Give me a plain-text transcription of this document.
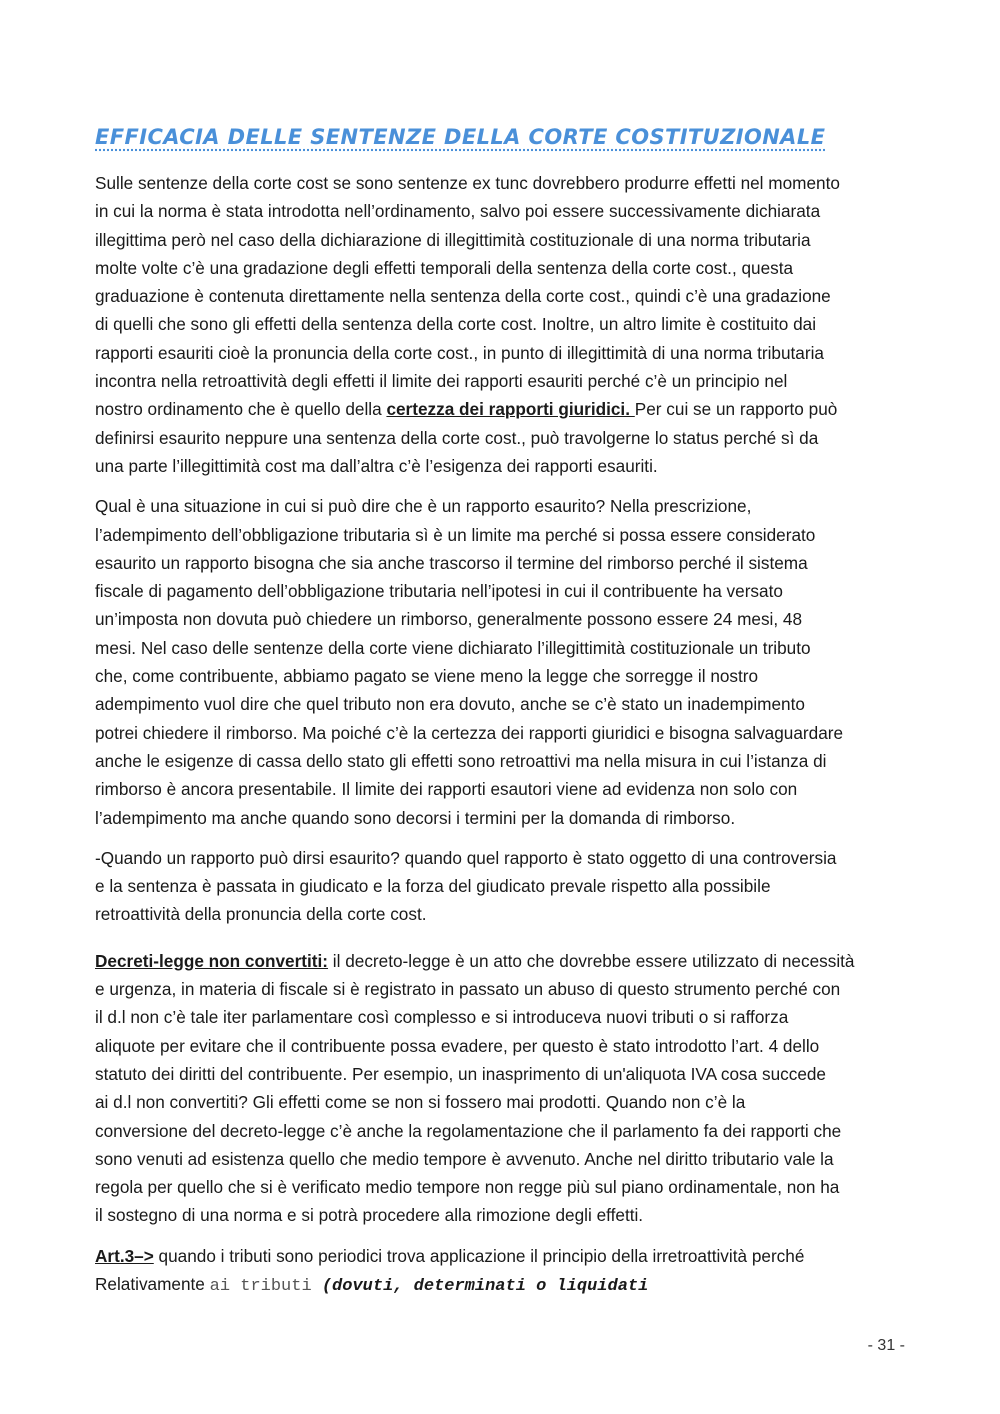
EFFICACIA DELLE SENTENZE DELLA CORTE COSTITUZIONALE

Sulle sentenze della corte cost se sono sentenze ex tunc dovrebbero produrre effetti nel momento
in cui la norma è stata introdotta nell’ordinamento, salvo poi essere successivamente dichiarata
illegittima però nel caso della dichiarazione di illegittimità costituzionale di una norma tributaria
molte volte c’è una gradazione degli effetti temporali della sentenza della corte cost., questa
graduazione è contenuta direttamente nella sentenza della corte cost., quindi c’è una gradazione
di quelli che sono gli effetti della sentenza della corte cost. Inoltre, un altro limite è costituito dai
rapporti esauriti cioè la pronuncia della corte cost., in punto di illegittimità di una norma tributaria
incontra nella retroattività degli effetti il limite dei rapporti esauriti perché c’è un principio nel
nostro ordinamento che è quello della certezza dei rapporti giuridici. Per cui se un rapporto può
definirsi esaurito neppure una sentenza della corte cost., può travolgerne lo status perché sì da
una parte l’illegittimità cost ma dall’altra c’è l’esigenza dei rapporti esauriti.

Qual è una situazione in cui si può dire che è un rapporto esaurito? Nella prescrizione,
l’adempimento dell’obbligazione tributaria sì è un limite ma perché si possa essere considerato
esaurito un rapporto bisogna che sia anche trascorso il termine del rimborso perché il sistema
fiscale di pagamento dell’obbligazione tributaria nell’ipotesi in cui il contribuente ha versato
un’imposta non dovuta può chiedere un rimborso, generalmente possono essere 24 mesi, 48
mesi. Nel caso delle sentenze della corte viene dichiarato l’illegittimità costituzionale un tributo
che, come contribuente, abbiamo pagato se viene meno la legge che sorregge il nostro
adempimento vuol dire che quel tributo non era dovuto, anche se c’è stato un inadempimento
potrei chiedere il rimborso. Ma poiché c’è la certezza dei rapporti giuridici e bisogna salvaguardare
anche le esigenze di cassa dello stato gli effetti sono retroattivi ma nella misura in cui l’istanza di
rimborso è ancora presentabile. Il limite dei rapporti esautori viene ad evidenza non solo con
l’adempimento ma anche quando sono decorsi i termini per la domanda di rimborso.

-Quando un rapporto può dirsi esaurito? quando quel rapporto è stato oggetto di una controversia
e la sentenza è passata in giudicato e la forza del giudicato prevale rispetto alla possibile
retroattività della pronuncia della corte cost.

Decreti-legge non convertiti: il decreto-legge è un atto che dovrebbe essere utilizzato di necessità
e urgenza, in materia di fiscale si è registrato in passato un abuso di questo strumento perché con
il d.l non c’è tale iter parlamentare così complesso e si introduceva nuovi tributi o si rafforza
aliquote per evitare che il contribuente possa evadere, per questo è stato introdotto l’art. 4 dello
statuto dei diritti del contribuente. Per esempio, un inasprimento di un'aliquota IVA cosa succede
ai d.l non convertiti? Gli effetti come se non si fossero mai prodotti. Quando non c’è la
conversione del decreto-legge c’è anche la regolamentazione che il parlamento fa dei rapporti che
sono venuti ad esistenza quello che medio tempore è avvenuto. Anche nel diritto tributario vale la
regola per quello che si è verificato medio tempore non regge più sul piano ordinamentale, non ha
il sostegno di una norma e si potrà procedere alla rimozione degli effetti.

Art.3–> quando i tributi sono periodici trova applicazione il principio della irretroattività perché
Relativamente ai tributi (dovuti, determinati o liquidati

- 31 -
